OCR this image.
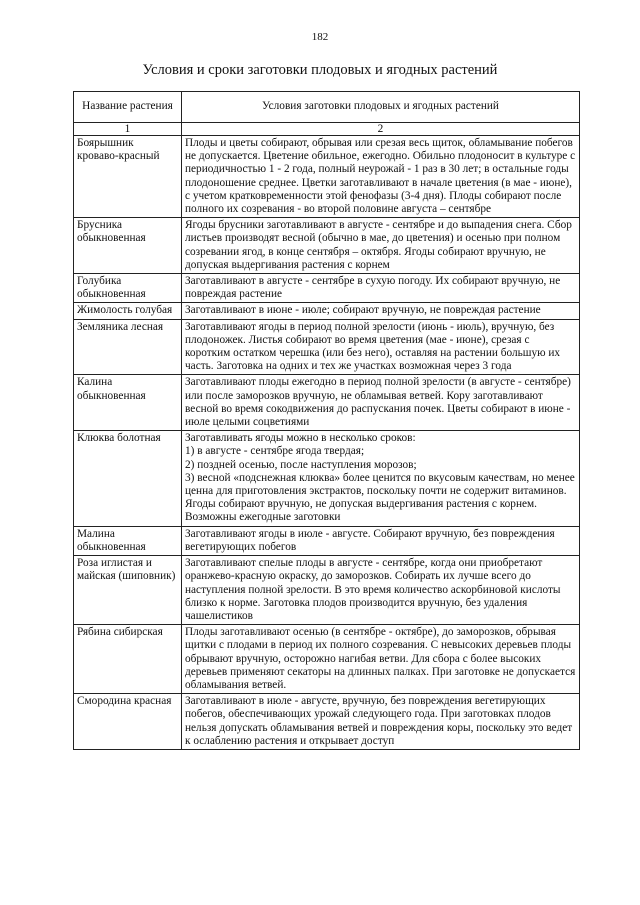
182
Условия и сроки заготовки плодовых и ягодных растений
Название растения	Условия заготовки плодовых и ягодных растений
1	2
Боярышник кроваво-красный	Плоды и цветы собирают, обрывая или срезая весь щиток, обламывание побегов не допускается. Цветение обильное, ежегодно. Обильно плодоносит в культуре с периодичностью 1 - 2 года, полный неурожай - 1 раз в 30 лет; в остальные годы плодоношение среднее. Цветки заготавливают в начале цветения (в мае - июне), с учетом кратковременности этой фенофазы (3-4 дня). Плоды собирают после полного их созревания - во второй половине августа – сентябре
Брусника обыкновенная	Ягоды брусники заготавливают в августе - сентябре и до выпадения снега. Сбор листьев производят весной (обычно в мае, до цветения) и осенью при полном созревании ягод, в конце сентября – октября. Ягоды собирают вручную, не допуская выдергивания растения с корнем
Голубика обыкновенная	Заготавливают в августе - сентябре в сухую погоду. Их собирают вручную, не повреждая растение
Жимолость голубая	Заготавливают в июне - июле; собирают вручную, не повреждая растение
Земляника лесная	Заготавливают ягоды в период полной зрелости (июнь - июль), вручную, без плодоножек. Листья собирают во время цветения (мае - июне), срезая с коротким остатком черешка (или без него), оставляя на растении большую их часть. Заготовка на одних и тех же участках возможная через 3 года
Калина обыкновенная	Заготавливают плоды ежегодно в период полной зрелости (в августе - сентябре) или после заморозков вручную, не обламывая ветвей. Кору заготавливают весной во время сокодвижения до распускания почек. Цветы собирают в июне - июле целыми соцветиями
Клюква болотная	Заготавливать ягоды можно в несколько сроков:
1) в августе - сентябре ягода твердая;
2) поздней осенью, после наступления морозов;
3) весной «подснежная клюква» более ценится по вкусовым качествам, но менее ценна для приготовления экстрактов, поскольку почти не содержит витаминов. Ягоды собирают вручную, не допуская выдергивания растения с корнем. Возможны ежегодные заготовки

Малина обыкновенная	Заготавливают ягоды в июле - августе. Собирают вручную, без повреждения вегетирующих побегов
Роза иглистая и майская (шиповник)	Заготавливают спелые плоды в августе - сентябре, когда они приобретают оранжево-красную окраску, до заморозков. Собирать их лучше всего до наступления полной зрелости. В это время количество аскорбиновой кислоты близко к норме. Заготовка плодов производится вручную, без удаления чашелистиков
Рябина сибирская	Плоды заготавливают осенью (в сентябре - октябре), до заморозков, обрывая щитки с плодами в период их полного созревания. С невысоких деревьев плоды обрывают вручную, осторожно нагибая ветви. Для сбора с более высоких деревьев применяют секаторы на длинных палках. При заготовке не допускается обламывания ветвей.
Смородина красная	Заготавливают в июле - августе, вручную, без повреждения вегетирующих побегов, обеспечивающих урожай следующего года. При заготовках плодов нельзя допускать обламывания ветвей и повреждения коры, поскольку это ведет к ослаблению растения и открывает доступ
